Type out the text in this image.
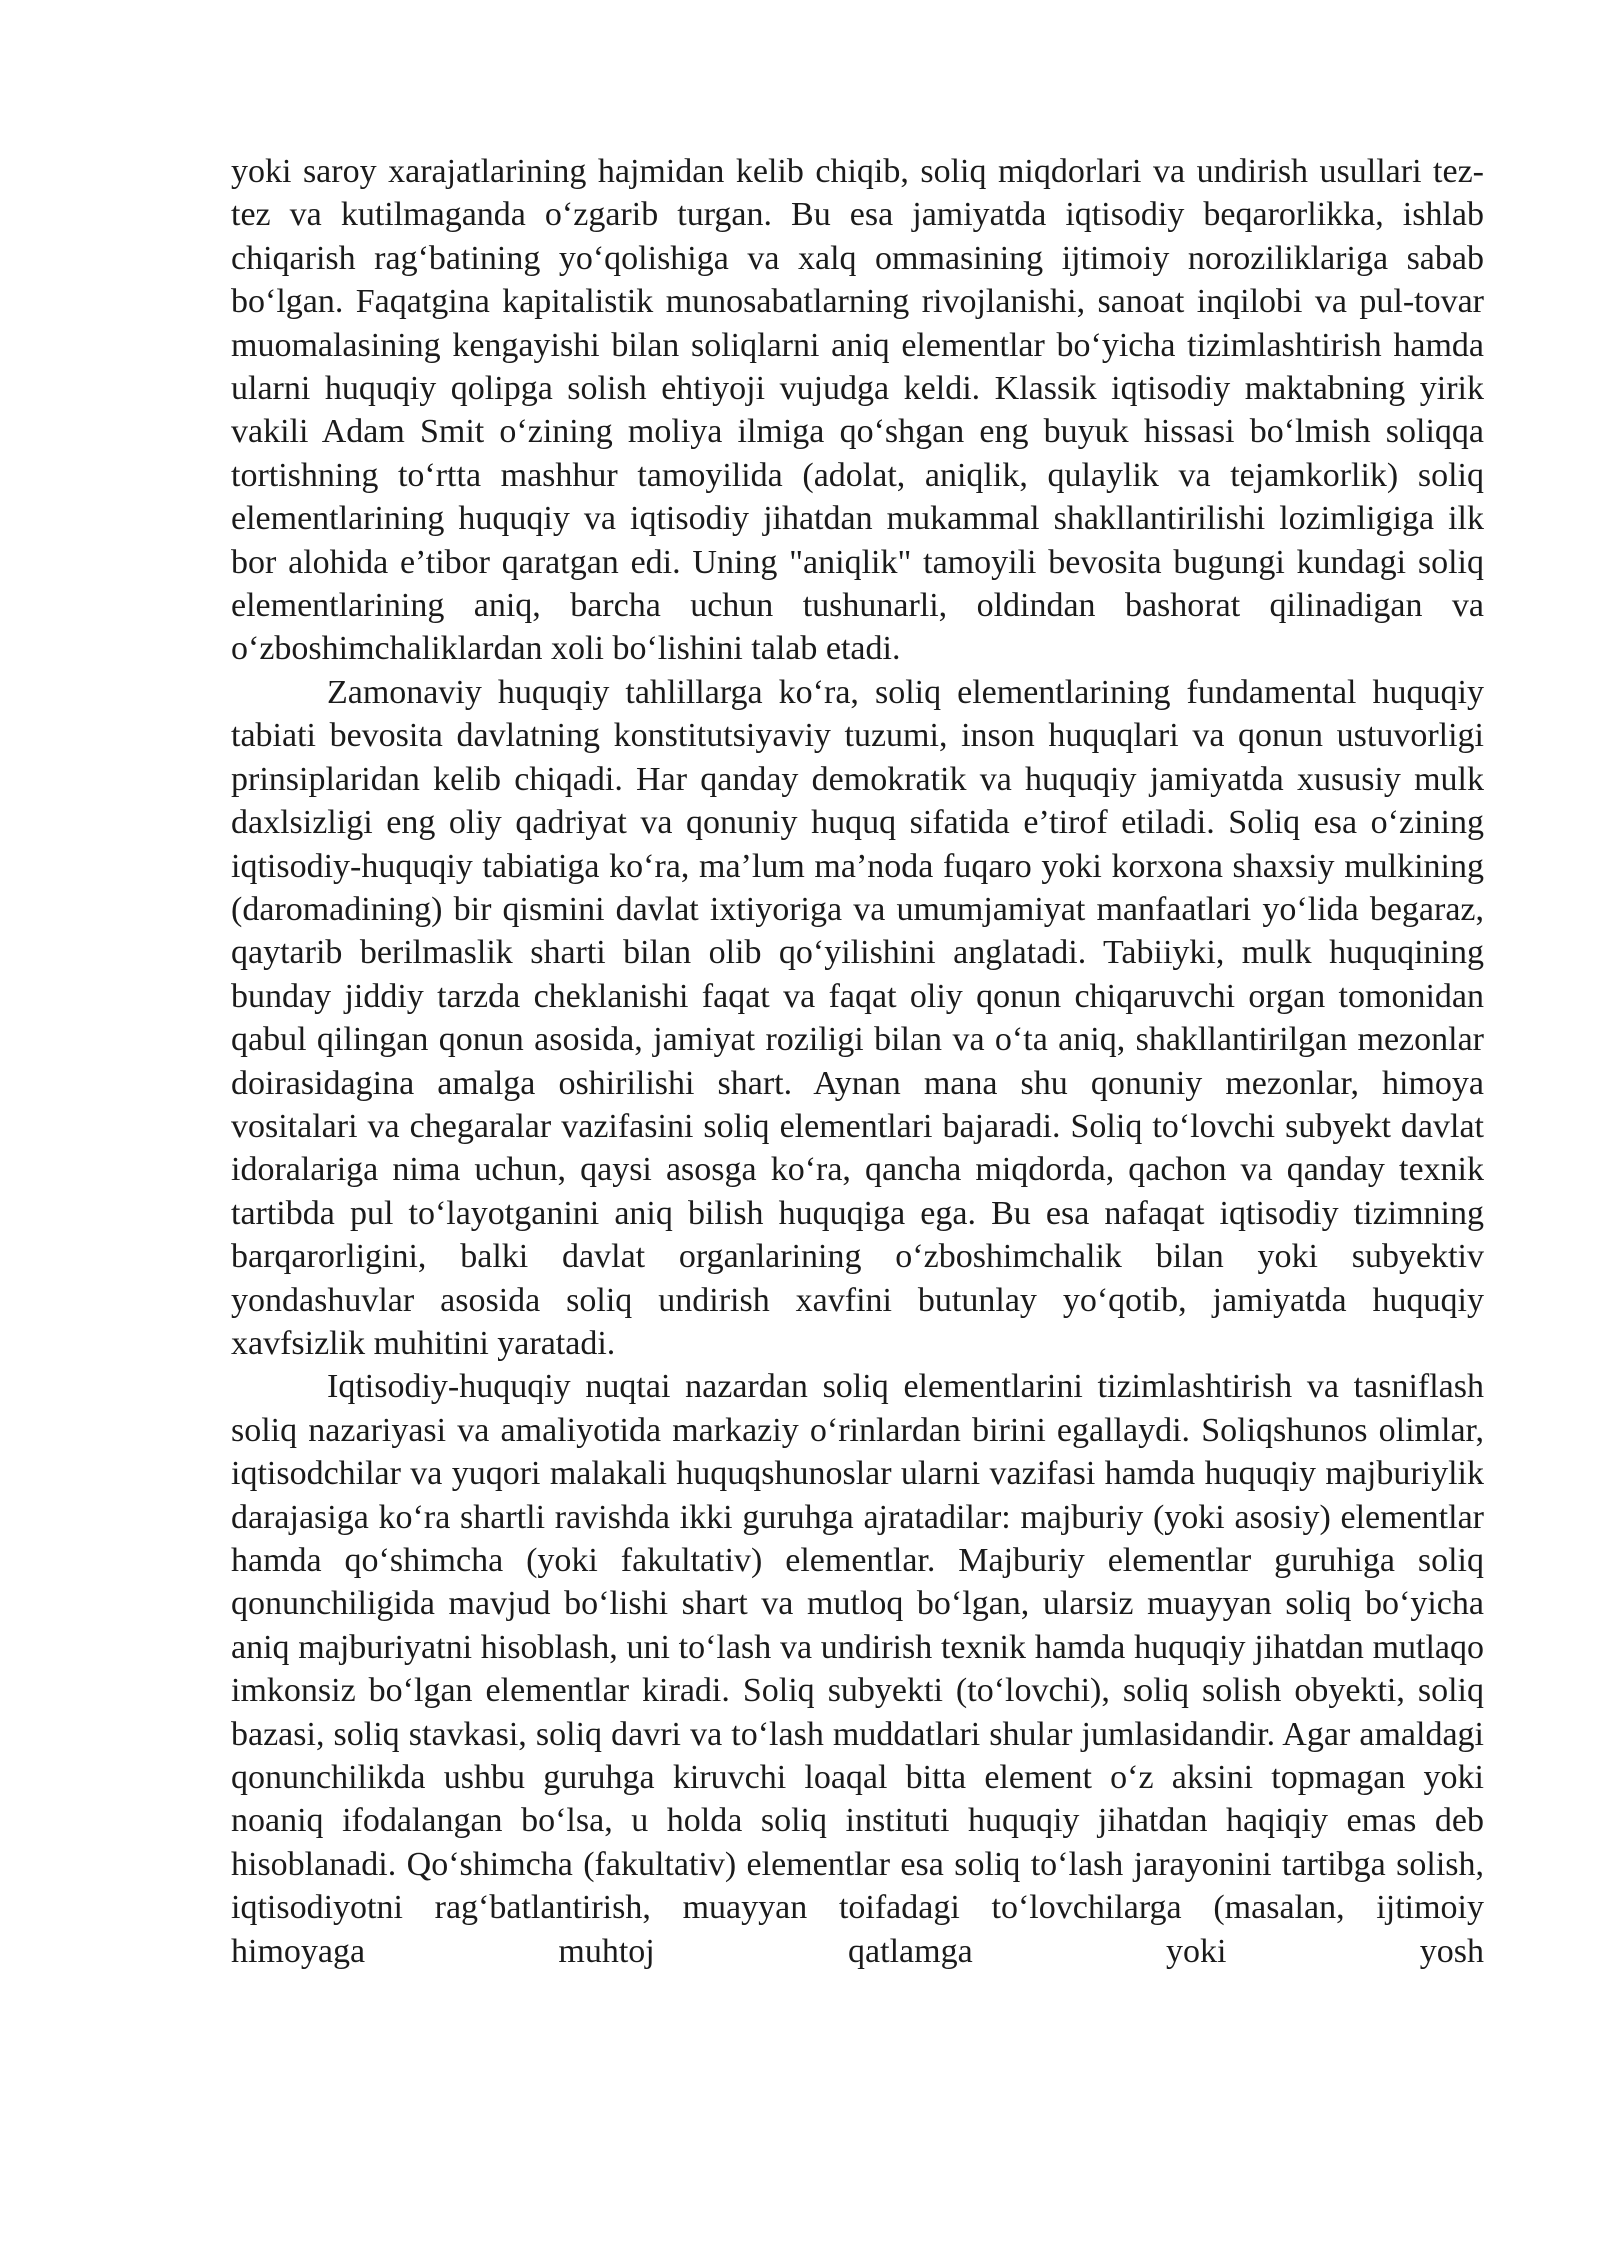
yoki saroy xarajatlarining hajmidan kelib chiqib, soliq miqdorlari va undirish usullari tez-tez va kutilmaganda o‘zgarib turgan. Bu esa jamiyatda iqtisodiy beqarorlikka, ishlab chiqarish rag‘batining yo‘qolishiga va xalq ommasining ijtimoiy noroziliklariga sabab bo‘lgan. Faqatgina kapitalistik munosabatlarning rivojlanishi, sanoat inqilobi va pul-tovar muomalasining kengayishi bilan soliqlarni aniq elementlar bo‘yicha tizimlashtirish hamda ularni huquqiy qolipga solish ehtiyoji vujudga keldi. Klassik iqtisodiy maktabning yirik vakili Adam Smit o‘zining moliya ilmiga qo‘shgan eng buyuk hissasi bo‘lmish soliqqa tortishning to‘rtta mashhur tamoyilida (adolat, aniqlik, qulaylik va tejamkorlik) soliq elementlarining huquqiy va iqtisodiy jihatdan mukammal shakllantirilishi lozimligiga ilk bor alohida e’tibor qaratgan edi. Uning "aniqlik" tamoyili bevosita bugungi kundagi soliq elementlarining aniq, barcha uchun tushunarli, oldindan bashorat qilinadigan va o‘zboshimchaliklardan xoli bo‘lishini talab etadi.

Zamonaviy huquqiy tahlillarga ko‘ra, soliq elementlarining fundamental huquqiy tabiati bevosita davlatning konstitutsiyaviy tuzumi, inson huquqlari va qonun ustuvorligi prinsiplaridan kelib chiqadi. Har qanday demokratik va huquqiy jamiyatda xususiy mulk daxlsizligi eng oliy qadriyat va qonuniy huquq sifatida e’tirof etiladi. Soliq esa o‘zining iqtisodiy-huquqiy tabiatiga ko‘ra, ma’lum ma’noda fuqaro yoki korxona shaxsiy mulkining (daromadining) bir qismini davlat ixtiyoriga va umumjamiyat manfaatlari yo‘lida begaraz, qaytarib berilmaslik sharti bilan olib qo‘yilishini anglatadi. Tabiiyki, mulk huquqining bunday jiddiy tarzda cheklanishi faqat va faqat oliy qonun chiqaruvchi organ tomonidan qabul qilingan qonun asosida, jamiyat roziligi bilan va o‘ta aniq, shakllantirilgan mezonlar doirasidagina amalga oshirilishi shart. Aynan mana shu qonuniy mezonlar, himoya vositalari va chegaralar vazifasini soliq elementlari bajaradi. Soliq to‘lovchi subyekt davlat idoralariga nima uchun, qaysi asosga ko‘ra, qancha miqdorda, qachon va qanday texnik tartibda pul to‘layotganini aniq bilish huquqiga ega. Bu esa nafaqat iqtisodiy tizimning barqarorligini, balki davlat organlarining o‘zboshimchalik bilan yoki subyektiv yondashuvlar asosida soliq undirish xavfini butunlay yo‘qotib, jamiyatda huquqiy xavfsizlik muhitini yaratadi.

Iqtisodiy-huquqiy nuqtai nazardan soliq elementlarini tizimlashtirish va tasniflash soliq nazariyasi va amaliyotida markaziy o‘rinlardan birini egallaydi. Soliqshunos olimlar, iqtisodchilar va yuqori malakali huquqshunoslar ularni vazifasi hamda huquqiy majburiylik darajasiga ko‘ra shartli ravishda ikki guruhga ajratadilar: majburiy (yoki asosiy) elementlar hamda qo‘shimcha (yoki fakultativ) elementlar. Majburiy elementlar guruhiga soliq qonunchiligida mavjud bo‘lishi shart va mutloq bo‘lgan, ularsiz muayyan soliq bo‘yicha aniq majburiyatni hisoblash, uni to‘lash va undirish texnik hamda huquqiy jihatdan mutlaqo imkonsiz bo‘lgan elementlar kiradi. Soliq subyekti (to‘lovchi), soliq solish obyekti, soliq bazasi, soliq stavkasi, soliq davri va to‘lash muddatlari shular jumlasidandir. Agar amaldagi qonunchilikda ushbu guruhga kiruvchi loaqal bitta element o‘z aksini topmagan yoki noaniq ifodalangan bo‘lsa, u holda soliq instituti huquqiy jihatdan haqiqiy emas deb hisoblanadi. Qo‘shimcha (fakultativ) elementlar esa soliq to‘lash jarayonini tartibga solish, iqtisodiyotni rag‘batlantirish, muayyan toifadagi to‘lovchilarga (masalan, ijtimoiy himoyaga muhtoj qatlamga yoki yosh
